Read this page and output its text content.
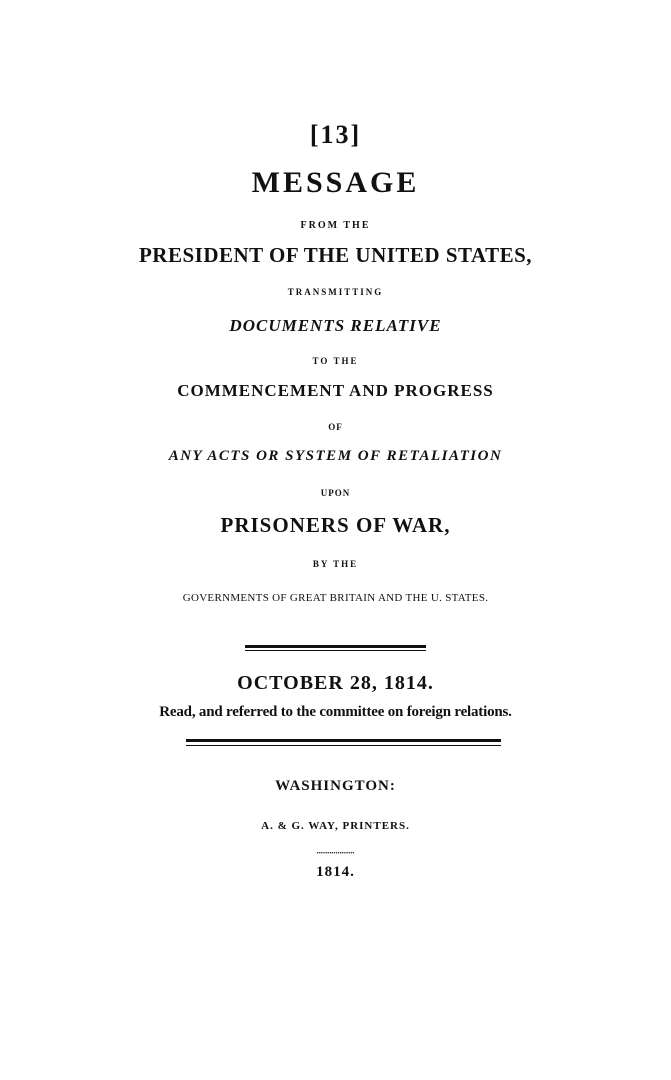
[13]
MESSAGE
FROM THE
PRESIDENT OF THE UNITED STATES,
TRANSMITTING
DOCUMENTS RELATIVE
TO THE
COMMENCEMENT AND PROGRESS
OF
ANY ACTS OR SYSTEM OF RETALIATION
UPON
PRISONERS OF WAR,
BY THE
GOVERNMENTS OF GREAT BRITAIN AND THE U. STATES.
OCTOBER 28, 1814.
Read, and referred to the committee on foreign relations.
WASHINGTON:
A. & G. WAY, PRINTERS.
••••••••••••••••••
1814.
